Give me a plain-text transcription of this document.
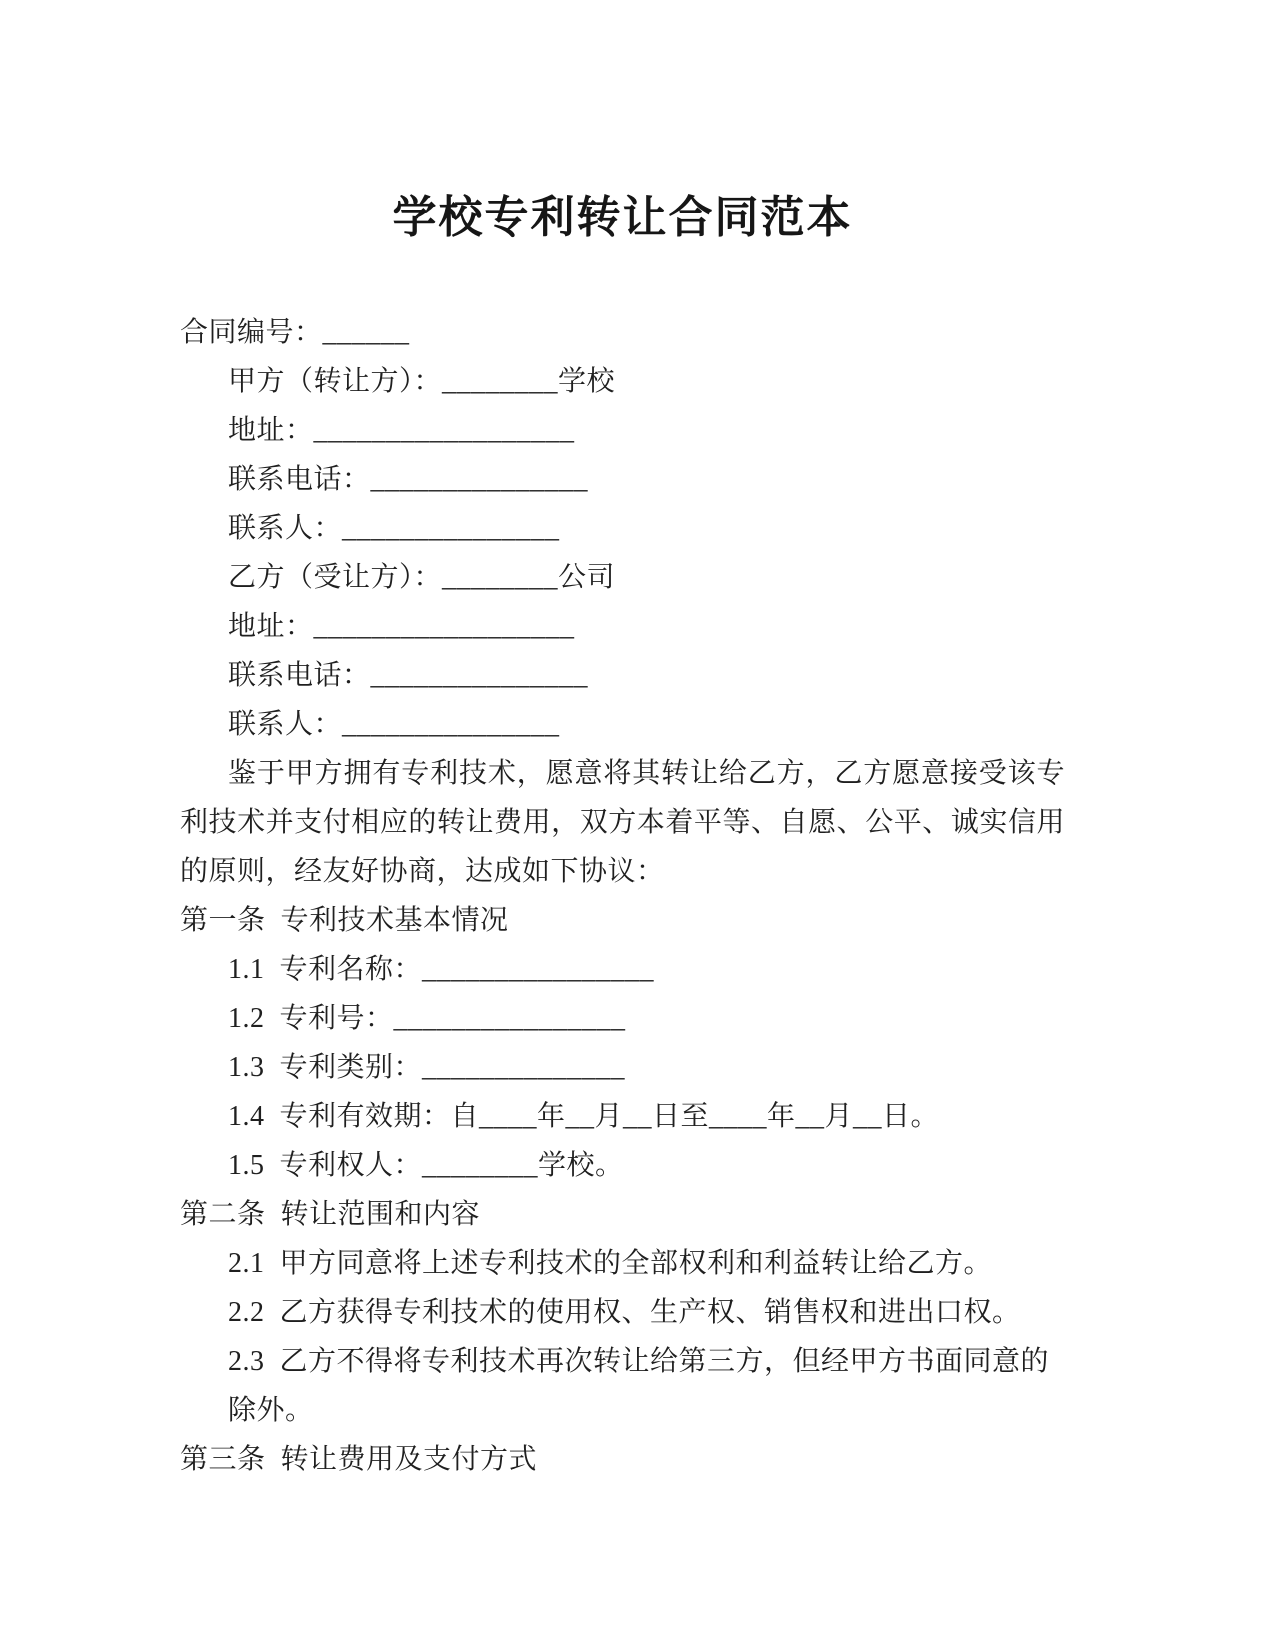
学校专利转让合同范本
合同编号：______
甲方（转让方）：________学校
地址：__________________
联系电话：_______________
联系人：_______________
乙方（受让方）：________公司
地址：__________________
联系电话：_______________
联系人：_______________

鉴于甲方拥有专利技术，愿意将其转让给乙方，乙方愿意接受该专利技术并支付相应的转让费用，双方本着平等、自愿、公平、诚实信用的原则，经友好协商，达成如下协议：

第一条  专利技术基本情况
1.1  专利名称：________________
1.2  专利号：________________
1.3  专利类别：______________
1.4  专利有效期：自____年__月__日至____年__月__日。
1.5  专利权人：________学校。
第二条  转让范围和内容
2.1  甲方同意将上述专利技术的全部权利和利益转让给乙方。
2.2  乙方获得专利技术的使用权、生产权、销售权和进出口权。
2.3  乙方不得将专利技术再次转让给第三方，但经甲方书面同意的除外。
第三条  转让费用及支付方式
